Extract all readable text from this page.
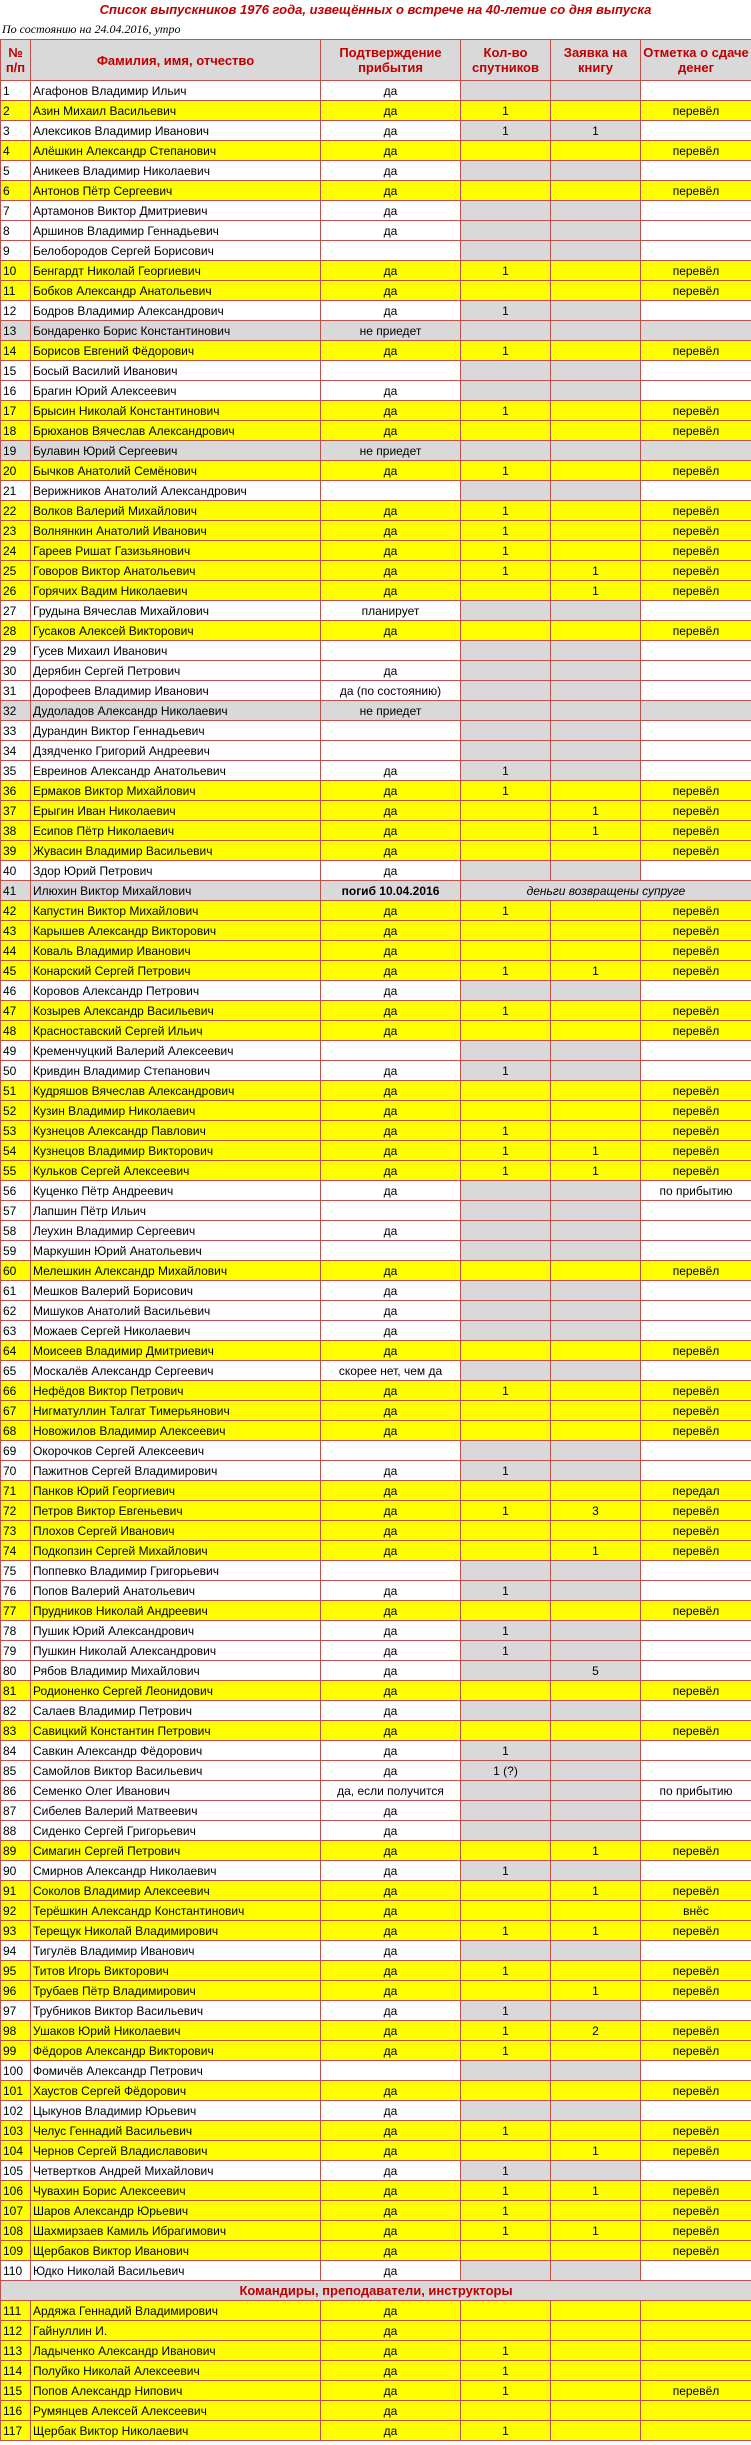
Список выпускников 1976 года, извещённых о встрече на 40-летие со дня выпуска
По состоянию на 24.04.2016, утро
№ п/п	Фамилия, имя, отчество	Подтверждение прибытия	Кол-во спутников	Заявка на книгу	Отметка о сдаче денег
1	Агафонов Владимир Ильич	да			
2	Азин Михаил Васильевич	да	1		перевёл
3	Алексиков Владимир Иванович	да	1	1	
4	Алёшкин Александр Степанович	да			перевёл
5	Аникеев Владимир Николаевич	да			
6	Антонов Пётр Сергеевич	да			перевёл
7	Артамонов Виктор Дмитриевич	да			
8	Аршинов Владимир Геннадьевич	да			
9	Белобородов Сергей Борисович				
10	Бенгардт Николай Георгиевич	да	1		перевёл
11	Бобков Александр Анатольевич	да			перевёл
12	Бодров Владимир Александрович	да	1		
13	Бондаренко Борис Константинович	не приедет			
14	Борисов Евгений Фёдорович	да	1		перевёл
15	Босый Василий Иванович				
16	Брагин Юрий Алексеевич	да			
17	Брысин Николай Константинович	да	1		перевёл
18	Брюханов Вячеслав Александрович	да			перевёл
19	Булавин Юрий Сергеевич	не приедет			
20	Бычков Анатолий Семёнович	да	1		перевёл
21	Верижников Анатолий Александрович				
22	Волков Валерий Михайлович	да	1		перевёл
23	Волнянкин Анатолий Иванович	да	1		перевёл
24	Гареев Ришат Газизьянович	да	1		перевёл
25	Говоров Виктор Анатольевич	да	1	1	перевёл
26	Горячих Вадим Николаевич	да		1	перевёл
27	Грудына Вячеслав Михайлович	планирует			
28	Гусаков Алексей Викторович	да			перевёл
29	Гусев Михаил Иванович				
30	Дерябин Сергей Петрович	да			
31	Дорофеев Владимир Иванович	да (по состоянию)			
32	Дудоладов Александр Николаевич	не приедет			
33	Дурандин Виктор Геннадьевич				
34	Дзядченко Григорий Андреевич				
35	Евреинов Александр Анатольевич	да	1		
36	Ермаков Виктор Михайлович	да	1		перевёл
37	Ерыгин Иван Николаевич	да		1	перевёл
38	Есипов Пётр Николаевич	да		1	перевёл
39	Жувасин Владимир Васильевич	да			перевёл
40	Здор Юрий Петрович	да			
41	Илюхин Виктор Михайлович	погиб 10.04.2016	деньги возвращены супруге		
42	Капустин Виктор Михайлович	да	1		перевёл
43	Карышев Александр Викторович	да			перевёл
44	Коваль Владимир Иванович	да			перевёл
45	Конарский Сергей Петрович	да	1	1	перевёл
46	Коровов Александр Петрович	да			
47	Козырев Александр Васильевич	да	1		перевёл
48	Красноставский Сергей Ильич	да			перевёл
49	Кременчуцкий Валерий Алексеевич				
50	Кривдин Владимир Степанович	да	1		
51	Кудряшов Вячеслав Александрович	да			перевёл
52	Кузин Владимир Николаевич	да			перевёл
53	Кузнецов Александр Павлович	да	1		перевёл
54	Кузнецов Владимир Викторович	да	1	1	перевёл
55	Кульков Сергей Алексеевич	да	1	1	перевёл
56	Куценко Пётр Андреевич	да			по прибытию
57	Лапшин Пётр Ильич				
58	Леухин Владимир Сергеевич	да			
59	Маркушин Юрий Анатольевич				
60	Мелешкин Александр Михайлович	да			перевёл
61	Мешков Валерий Борисович	да			
62	Мишуков Анатолий Васильевич	да			
63	Можаев Сергей Николаевич	да			
64	Моисеев Владимир Дмитриевич	да			перевёл
65	Москалёв Александр Сергеевич	скорее нет, чем да			
66	Нефёдов Виктор Петрович	да	1		перевёл
67	Нигматуллин Талгат Тимерьянович	да			перевёл
68	Новожилов Владимир Алексеевич	да			перевёл
69	Окорочков Сергей Алексеевич				
70	Пажитнов Сергей Владимирович	да	1		
71	Панков Юрий Георгиевич	да			передал
72	Петров Виктор Евгеньевич	да	1	3	перевёл
73	Плохов Сергей Иванович	да			перевёл
74	Подкопзин Сергей Михайлович	да		1	перевёл
75	Поппевко Владимир Григорьевич				
76	Попов Валерий Анатольевич	да	1		
77	Прудников Николай Андреевич	да			перевёл
78	Пушик Юрий Александрович	да	1		
79	Пушкин Николай Александрович	да	1		
80	Рябов Владимир Михайлович	да		5	
81	Родионенко Сергей Леонидович	да			перевёл
82	Салаев Владимир Петрович	да			
83	Савицкий Константин Петрович	да			перевёл
84	Савкин Александр Фёдорович	да	1		
85	Самойлов Виктор Васильевич	да	1 (?)		
86	Семенко Олег Иванович	да, если получится			по прибытию
87	Сибелев Валерий Матвеевич	да			
88	Сиденко Сергей Григорьевич	да			
89	Симагин Сергей Петрович	да		1	перевёл
90	Смирнов Александр Николаевич	да	1		
91	Соколов Владимир Алексеевич	да		1	перевёл
92	Терёшкин Александр Константинович	да			внёс
93	Терещук Николай Владимирович	да	1	1	перевёл
94	Тигулёв Владимир Иванович	да			
95	Титов Игорь Викторович	да	1		перевёл
96	Трубаев Пётр Владимирович	да		1	перевёл
97	Трубников Виктор Васильевич	да	1		
98	Ушаков Юрий Николаевич	да	1	2	перевёл
99	Фёдоров Александр Викторович	да	1		перевёл
100	Фомичёв Александр Петрович				
101	Хаустов Сергей Фёдорович	да			перевёл
102	Цыкунов Владимир Юрьевич	да			
103	Челус Геннадий Васильевич	да	1		перевёл
104	Чернов Сергей Владиславович	да		1	перевёл
105	Четвертков Андрей Михайлович	да	1		
106	Чувахин Борис Алексеевич	да	1	1	перевёл
107	Шаров Александр Юрьевич	да	1		перевёл
108	Шахмирзаев Камиль Ибрагимович	да	1	1	перевёл
109	Щербаков Виктор Иванович	да			перевёл
110	Юдко Николай Васильевич	да			
Командиры, преподаватели, инструкторы					
111	Ардяжа Геннадий Владимирович	да			
112	Гайнуллин И.	да			
113	Ладыченко Александр Иванович	да	1		
114	Полуйко Николай Алексеевич	да	1		
115	Попов Александр Нипович	да	1		перевёл
116	Румянцев Алексей Алексеевич	да			
117	Щербак Виктор Николаевич	да	1		
